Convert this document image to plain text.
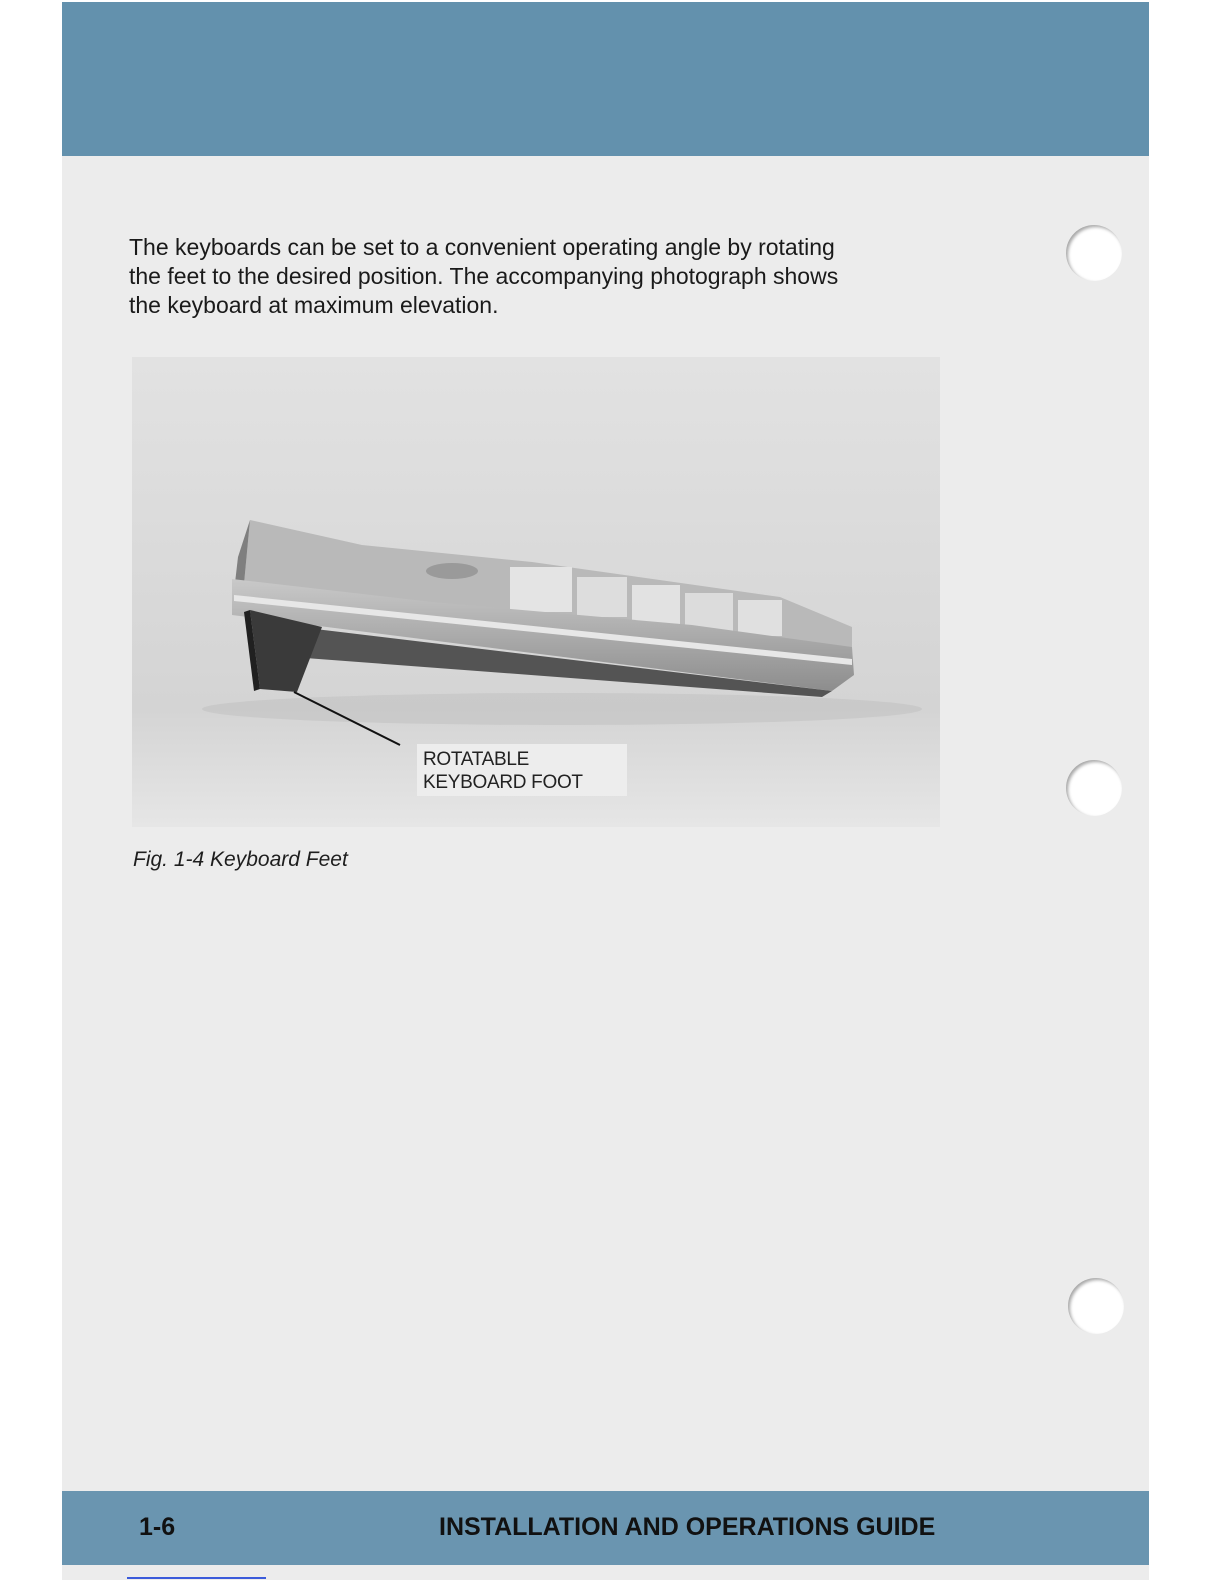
The keyboards can be set to a convenient operating angle by rotating
the feet to the desired position. The accompanying photograph shows
the keyboard at maximum elevation.

ROTATABLE
KEYBOARD FOOT
Fig. 1-4 Keyboard Feet
1-6	INSTALLATION AND OPERATIONS GUIDE
